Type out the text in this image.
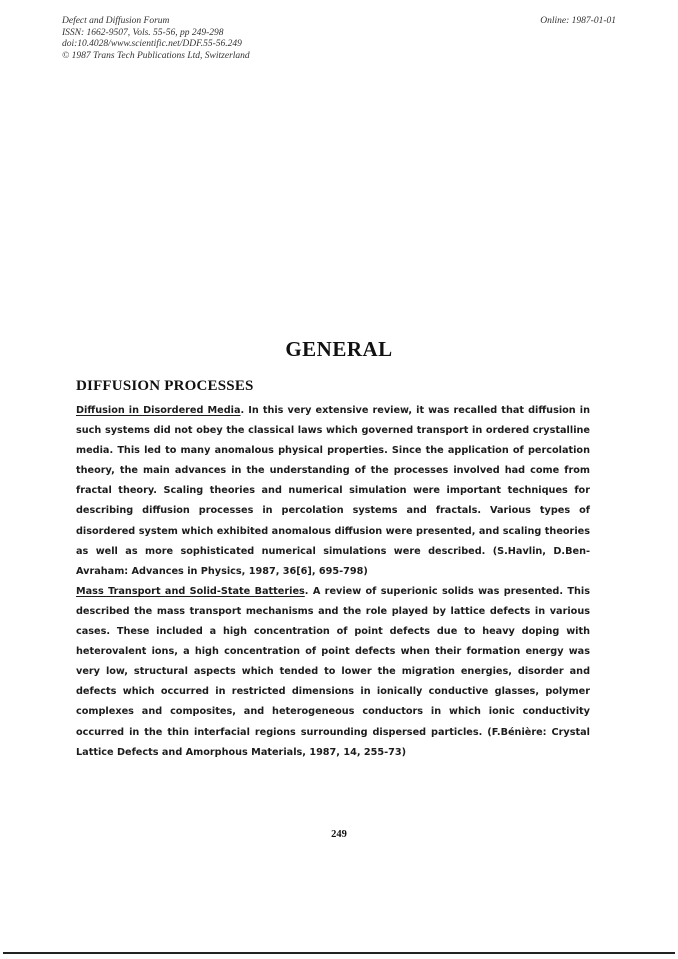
Defect and Diffusion Forum
ISSN: 1662-9507, Vols. 55-56, pp 249-298
doi:10.4028/www.scientific.net/DDF.55-56.249
© 1987 Trans Tech Publications Ltd, Switzerland
Online: 1987-01-01
GENERAL
DIFFUSION PROCESSES

Diffusion in Disordered Media. In this very extensive review, it was recalled that diffusion in such systems did not obey the classical laws which governed transport in ordered crystalline media. This led to many anomalous physical properties. Since the application of percolation theory, the main advances in the understanding of the processes involved had come from fractal theory. Scaling theories and numerical simulation were important techniques for describing diffusion processes in percolation systems and fractals. Various types of disordered system which exhibited anomalous diffusion were presented, and scaling theories as well as more sophisticated numerical simulations were described. (S.Havlin, D.Ben-Avraham: Advances in Physics, 1987, 36[6], 695-798)

Mass Transport and Solid-State Batteries. A review of superionic solids was presented. This described the mass transport mechanisms and the role played by lattice defects in various cases. These included a high concentration of point defects due to heavy doping with heterovalent ions, a high concentration of point defects when their formation energy was very low, structural aspects which tended to lower the migration energies, disorder and defects which occurred in restricted dimensions in ionically conductive glasses, polymer complexes and composites, and heterogeneous conductors in which ionic conductivity occurred in the thin interfacial regions surrounding dispersed particles. (F.Bénière: Crystal Lattice Defects and Amorphous Materials, 1987, 14, 255-73)

249
